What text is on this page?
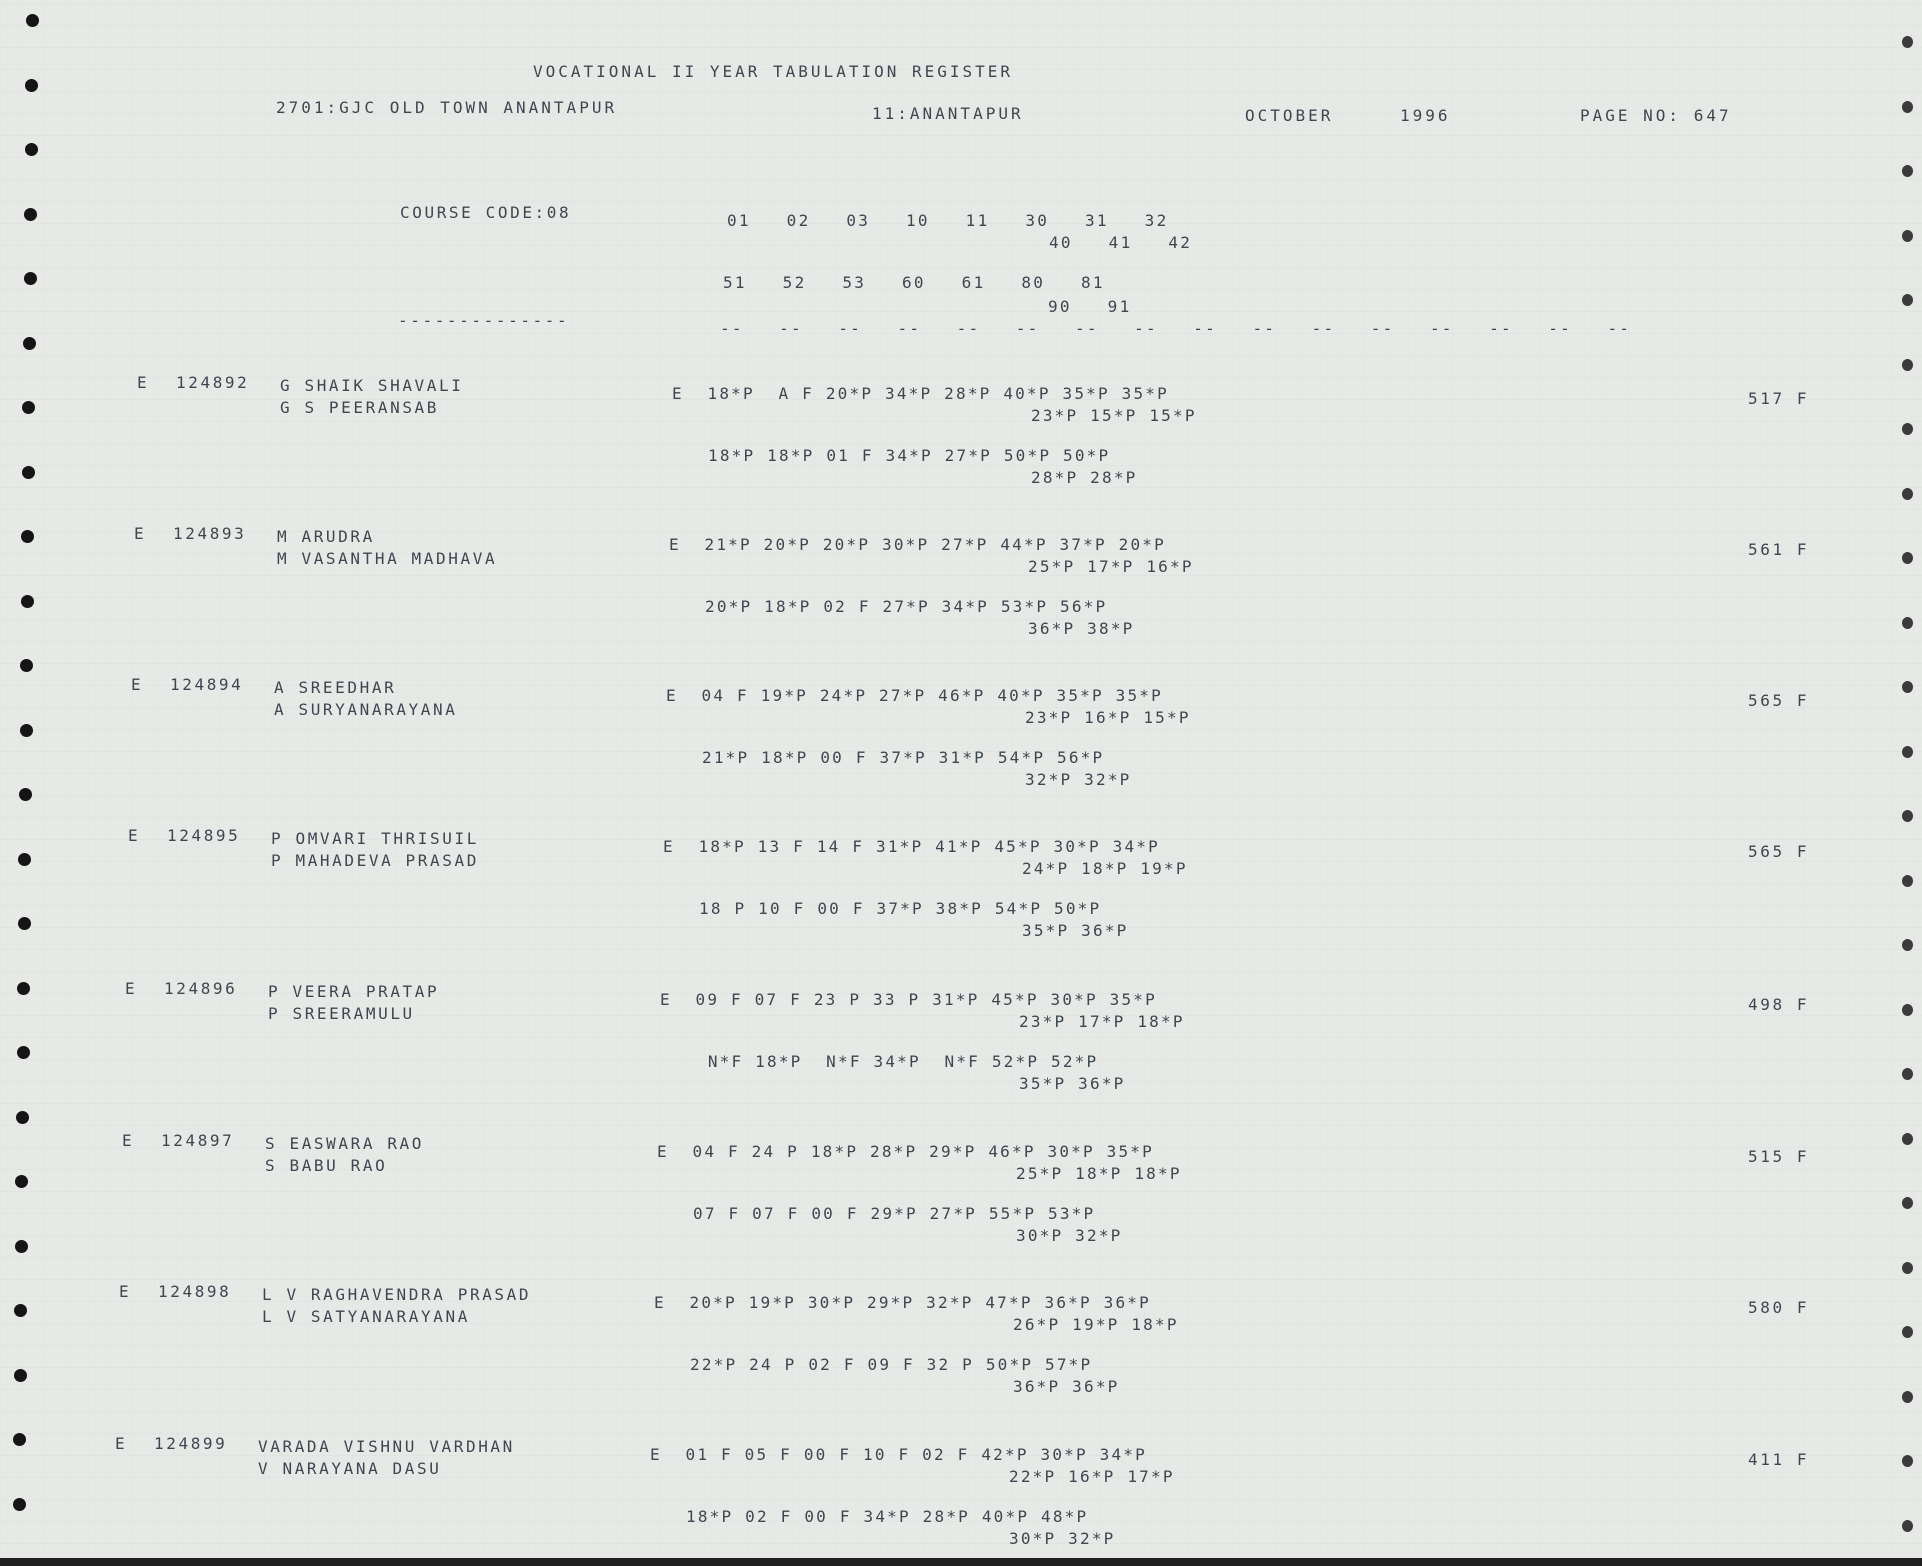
VOCATIONAL II YEAR TABULATION REGISTER
2701:GJC OLD TOWN ANANTAPUR	11:ANANTAPUR	OCTOBER	1996	PAGE NO: 647
COURSE CODE:08
--------------
01   02   03   10   11   30   31   32
40   41   42
51   52   53   60   61   80   81
90   91
--   --   --   --   --   --   --   --   --   --   --   --   --   --   --   --
E 124892 G SHAIK SHAVALI
G S PEERANSAB
E  18*P  A F 20*P 34*P 28*P 40*P 35*P 35*P
23*P 15*P 15*P
18*P 18*P 01 F 34*P 27*P 50*P 50*P
28*P 28*P
517 F
E 124893 M ARUDRA
M VASANTHA MADHAVA
E  21*P 20*P 20*P 30*P 27*P 44*P 37*P 20*P
25*P 17*P 16*P
20*P 18*P 02 F 27*P 34*P 53*P 56*P
36*P 38*P
561 F
E 124894 A SREEDHAR
A SURYANARAYANA
E  04 F 19*P 24*P 27*P 46*P 40*P 35*P 35*P
23*P 16*P 15*P
21*P 18*P 00 F 37*P 31*P 54*P 56*P
32*P 32*P
565 F
E 124895 P OMVARI THRISUIL
P MAHADEVA PRASAD
E  18*P 13 F 14 F 31*P 41*P 45*P 30*P 34*P
24*P 18*P 19*P
18 P 10 F 00 F 37*P 38*P 54*P 50*P
35*P 36*P
565 F
E 124896 P VEERA PRATAP
P SREERAMULU
E  09 F 07 F 23 P 33 P 31*P 45*P 30*P 35*P
23*P 17*P 18*P
N*F 18*P  N*F 34*P  N*F 52*P 52*P
35*P 36*P
498 F
E 124897 S EASWARA RAO
S BABU RAO
E  04 F 24 P 18*P 28*P 29*P 46*P 30*P 35*P
25*P 18*P 18*P
07 F 07 F 00 F 29*P 27*P 55*P 53*P
30*P 32*P
515 F
E 124898 L V RAGHAVENDRA PRASAD
L V SATYANARAYANA
E  20*P 19*P 30*P 29*P 32*P 47*P 36*P 36*P
26*P 19*P 18*P
22*P 24 P 02 F 09 F 32 P 50*P 57*P
36*P 36*P
580 F
E 124899 VARADA VISHNU VARDHAN
V NARAYANA DASU
E  01 F 05 F 00 F 10 F 02 F 42*P 30*P 34*P
22*P 16*P 17*P
18*P 02 F 00 F 34*P 28*P 40*P 48*P
30*P 32*P
411 F
